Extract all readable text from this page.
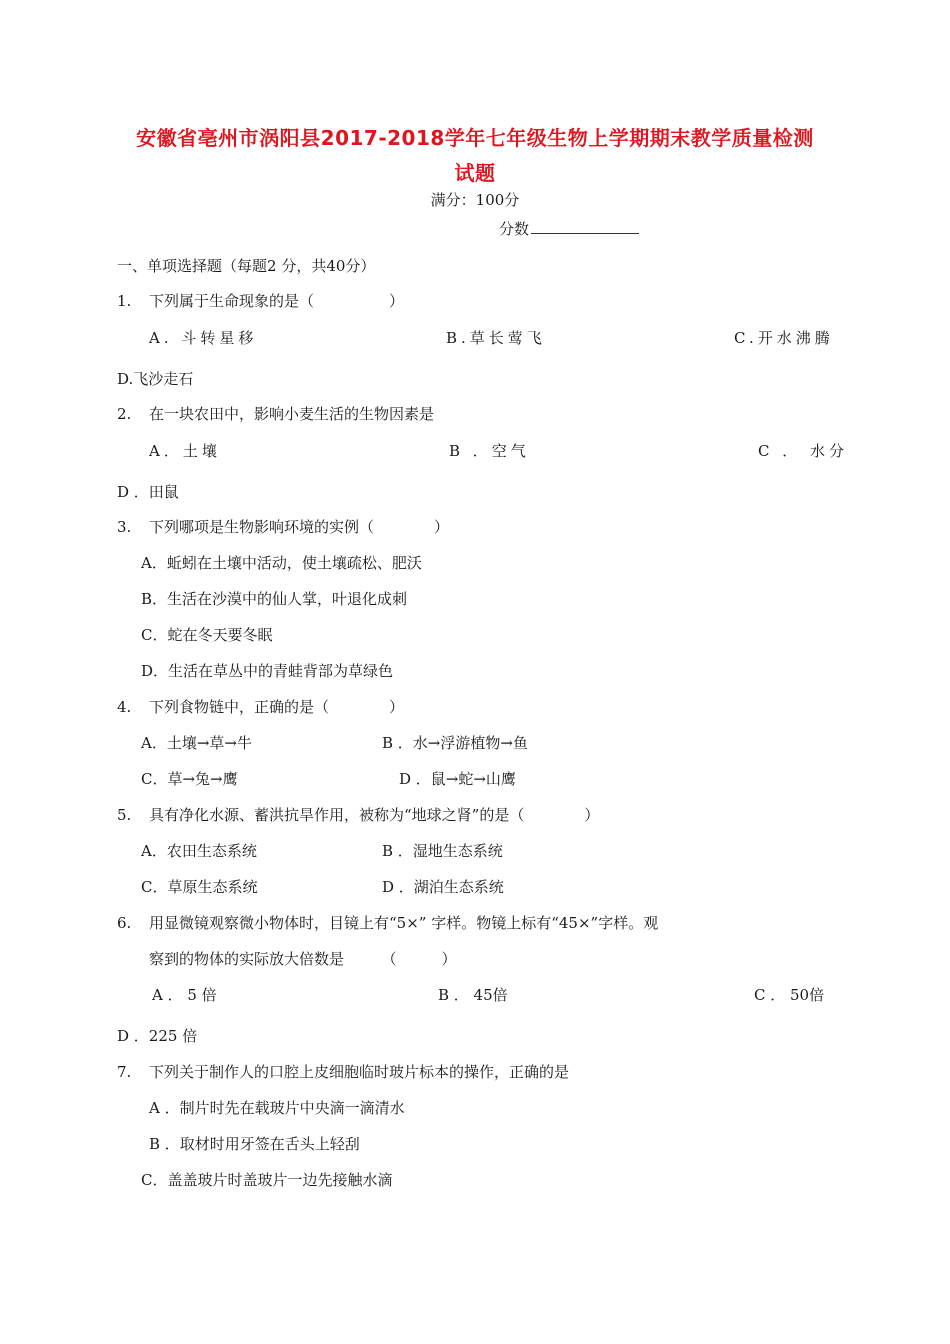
安徽省亳州市涡阳县2017-2018学年七年级生物上学期期末教学质量检测
试题
满分：100分
分数
一、单项选择题（每题2 分，共40分）
1. 下列属于生命现象的是（　　　　　）
A. 斗转星移	B.草长莺飞	C.开水沸腾
D.飞沙走石
2. 在一块农田中，影响小麦生活的生物因素是
A．土壤	B ．空气	C ． 水分
D ．田鼠
3. 下列哪项是生物影响环境的实例（　　　　）
A．蚯蚓在土壤中活动，使土壤疏松、肥沃
B．生活在沙漠中的仙人掌，叶退化成刺
C．蛇在冬天要冬眠
D．生活在草丛中的青蛙背部为草绿色
4. 下列食物链中，正确的是（　　　　）
A．土壤→草→牛	B ．水→浮游植物→鱼
C．草→兔→鹰	D ．鼠→蛇→山鹰
5. 具有净化水源、蓄洪抗旱作用，被称为“地球之肾”的是（　　　　）
A．农田生态系统	B ．湿地生态系统
C．草原生态系统	D ．湖泊生态系统
6. 用显微镜观察微小物体时，目镜上有“5×” 字样。物镜上标有“45×”字样。观
察到的物体的实际放大倍数是　　　（　　　）
A ． 5 倍	B ． 45倍	C ． 50倍
D ．225 倍
7. 下列关于制作人的口腔上皮细胞临时玻片标本的操作，正确的是
A ．制片时先在载玻片中央滴一滴清水
B ．取材时用牙签在舌头上轻刮
C．盖盖玻片时盖玻片一边先接触水滴
